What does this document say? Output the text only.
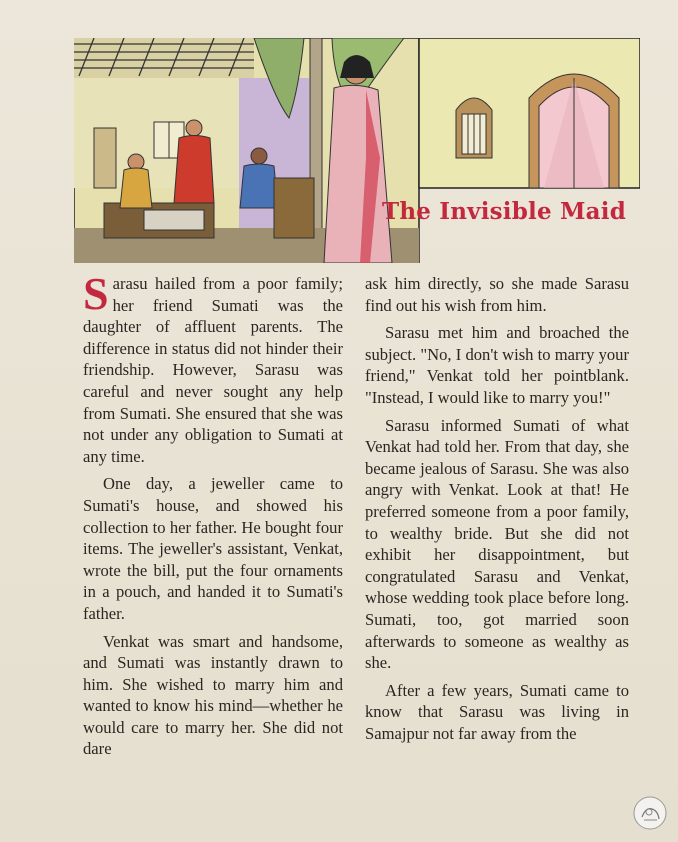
The Invisible Maid

Sarasu hailed from a poor family; her friend Sumati was the daughter of affluent parents. The difference in status did not hinder their friendship. However, Sarasu was careful and never sought any help from Sumati. She ensured that she was not under any obligation to Sumati at any time.

One day, a jeweller came to Sumati's house, and showed his collection to her father. He bought four items. The jeweller's assistant, Venkat, wrote the bill, put the four ornaments in a pouch, and handed it to Sumati's father.

Venkat was smart and handsome, and Sumati was instantly drawn to him. She wished to marry him and wanted to know his mind—whether he would care to marry her. She did not dare

ask him directly, so she made Sarasu find out his wish from him.

Sarasu met him and broached the subject. "No, I don't wish to marry your friend," Venkat told her pointblank. "Instead, I would like to marry you!"

Sarasu informed Sumati of what Venkat had told her. From that day, she became jealous of Sarasu. She was also angry with Venkat. Look at that! He preferred someone from a poor family, to wealthy bride. But she did not exhibit her disappointment, but congratulated Sarasu and Venkat, whose wedding took place before long. Sumati, too, got married soon afterwards to someone as wealthy as she.

After a few years, Sumati came to know that Sarasu was living in Samajpur not far away from the
